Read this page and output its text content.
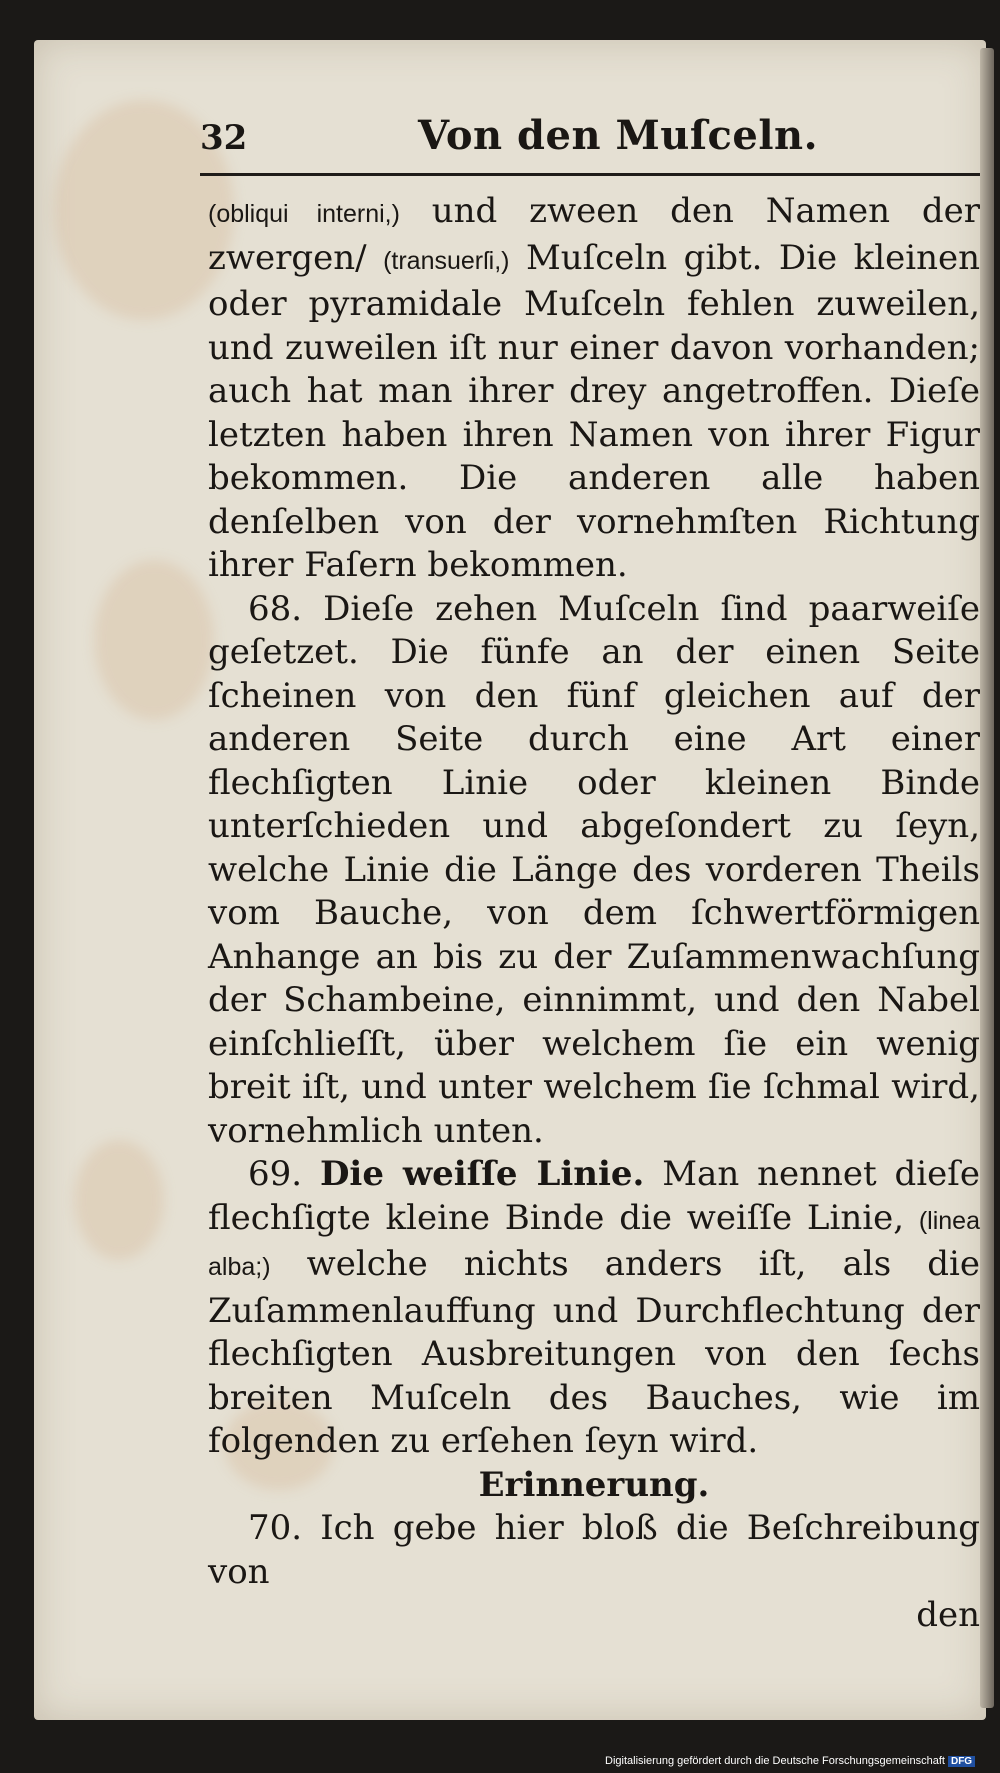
32	Von den Muſceln.

(obliqui interni,) und zween den Namen der zwergen/ (transuerſi,) Muſceln gibt. Die kleinen oder pyramidale Muſceln fehlen zuweilen, und zuweilen iſt nur einer davon vorhanden; auch hat man ihrer drey angetroffen. Dieſe letzten haben ihren Namen von ihrer Figur bekommen. Die anderen alle haben denſelben von der vornehmſten Richtung ihrer Faſern bekommen.

68. Dieſe zehen Muſceln ſind paarweiſe geſetzet. Die fünfe an der einen Seite ſcheinen von den fünf gleichen auf der anderen Seite durch eine Art einer flechſigten Linie oder kleinen Binde unterſchieden und abgeſondert zu ſeyn, welche Linie die Länge des vorderen Theils vom Bauche, von dem ſchwertförmigen Anhange an bis zu der Zuſammenwachſung der Schambeine, einnimmt, und den Nabel einſchlieſſt, über welchem ſie ein wenig breit iſt, und unter welchem ſie ſchmal wird, vornehmlich unten.

69. Die weiſſe Linie. Man nennet dieſe flechſigte kleine Binde die weiſſe Linie, (linea alba;) welche nichts anders iſt, als die Zuſammenlauffung und Durchflechtung der flechſigten Ausbreitungen von den ſechs breiten Muſceln des Bauches, wie im folgenden zu erſehen ſeyn wird.

Erinnerung.

70. Ich gebe hier bloß die Beſchreibung von

den

Digitalisierung gefördert durch die Deutsche Forschungsgemeinschaft DFG
